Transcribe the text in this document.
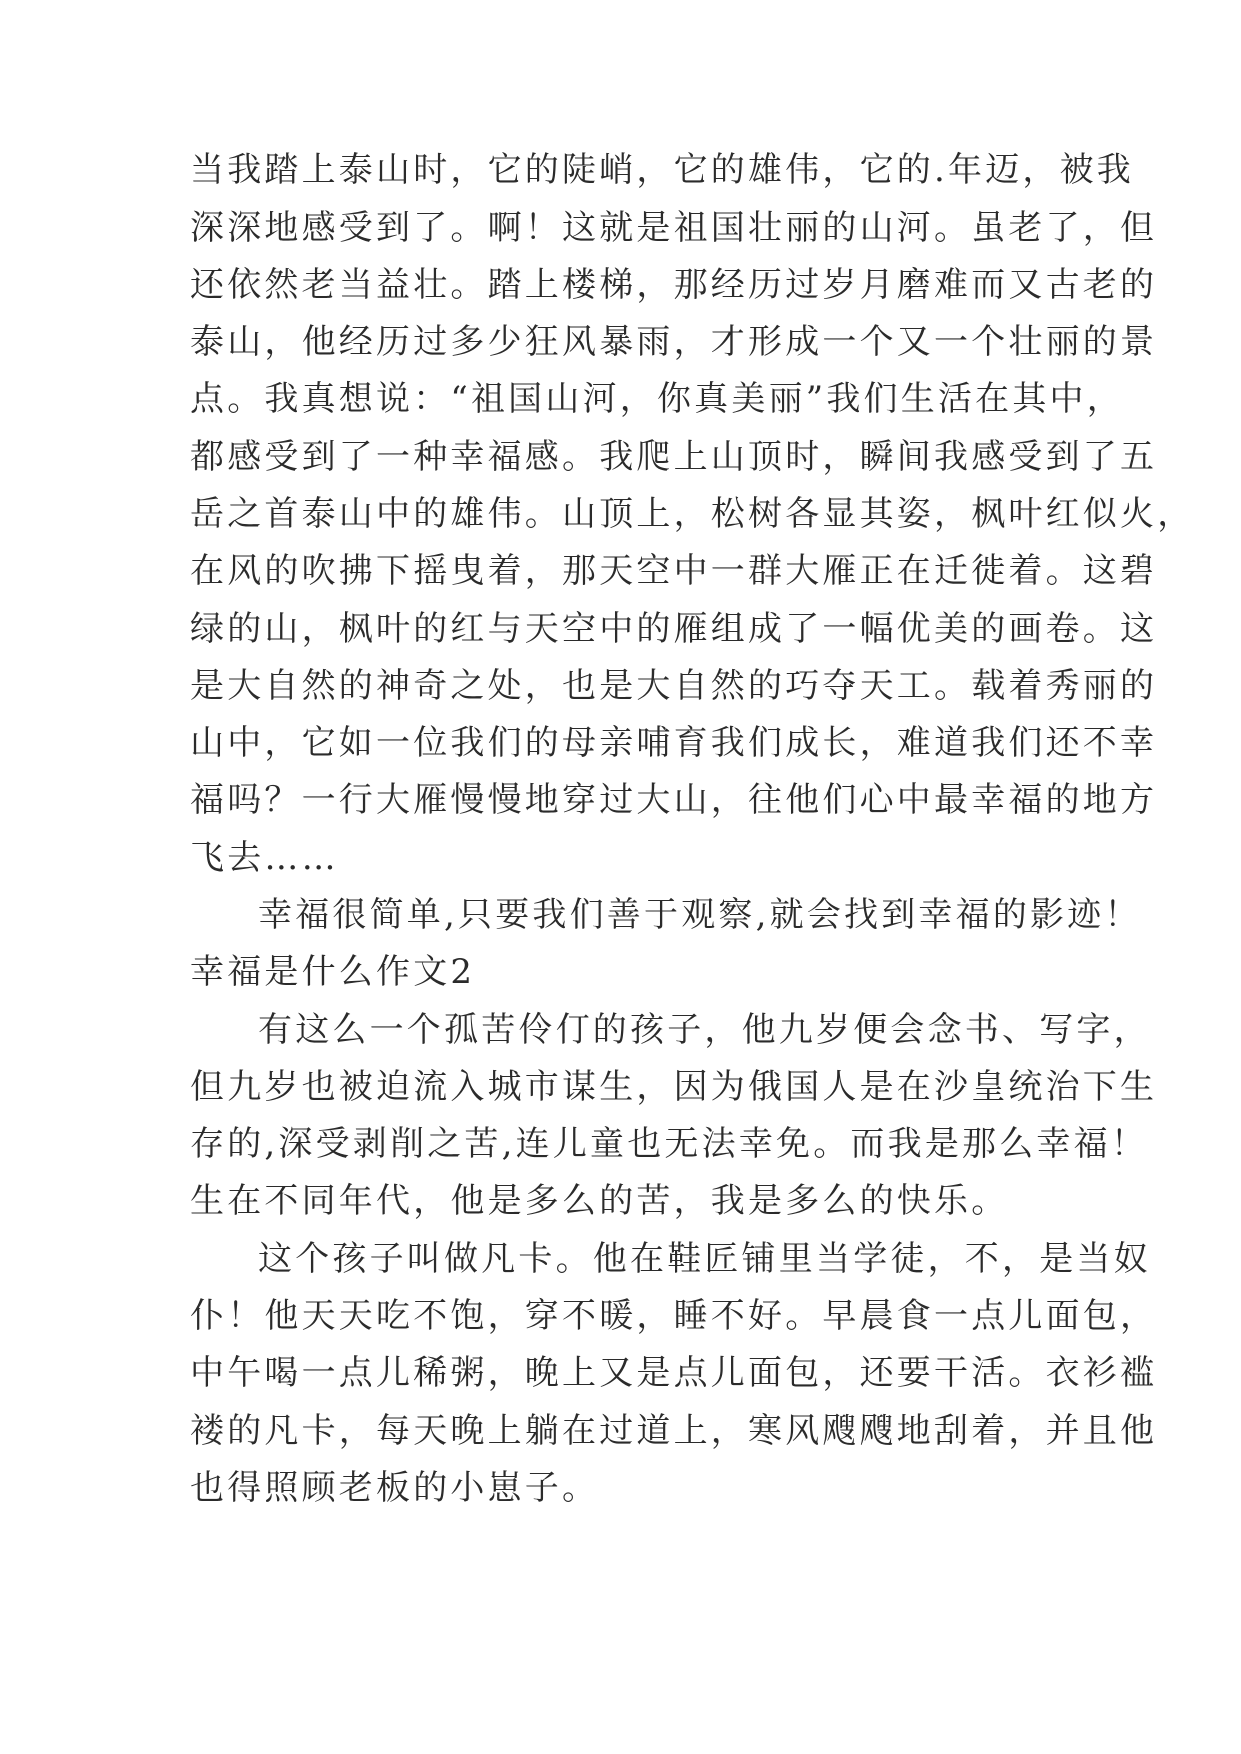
当我踏上泰山时，它的陡峭，它的雄伟，它的.年迈，被我
深深地感受到了。啊！这就是祖国壮丽的山河。虽老了，但
还依然老当益壮。踏上楼梯，那经历过岁月磨难而又古老的
泰山，他经历过多少狂风暴雨，才形成一个又一个壮丽的景
点。我真想说：“祖国山河，你真美丽”我们生活在其中，
都感受到了一种幸福感。我爬上山顶时，瞬间我感受到了五
岳之首泰山中的雄伟。山顶上，松树各显其姿，枫叶红似火，
在风的吹拂下摇曳着，那天空中一群大雁正在迁徙着。这碧
绿的山，枫叶的红与天空中的雁组成了一幅优美的画卷。这
是大自然的神奇之处，也是大自然的巧夺天工。载着秀丽的
山中，它如一位我们的母亲哺育我们成长，难道我们还不幸
福吗？一行大雁慢慢地穿过大山，往他们心中最幸福的地方
飞去……
幸福很简单,只要我们善于观察,就会找到幸福的影迹！
幸福是什么作文2
有这么一个孤苦伶仃的孩子，他九岁便会念书、写字，
但九岁也被迫流入城市谋生，因为俄国人是在沙皇统治下生
存的,深受剥削之苦,连儿童也无法幸免。而我是那么幸福！
生在不同年代，他是多么的苦，我是多么的快乐。
这个孩子叫做凡卡。他在鞋匠铺里当学徒，不，是当奴
仆！他天天吃不饱，穿不暖，睡不好。早晨食一点儿面包，
中午喝一点儿稀粥，晚上又是点儿面包，还要干活。衣衫褴
褛的凡卡，每天晚上躺在过道上，寒风飕飕地刮着，并且他
也得照顾老板的小崽子。
